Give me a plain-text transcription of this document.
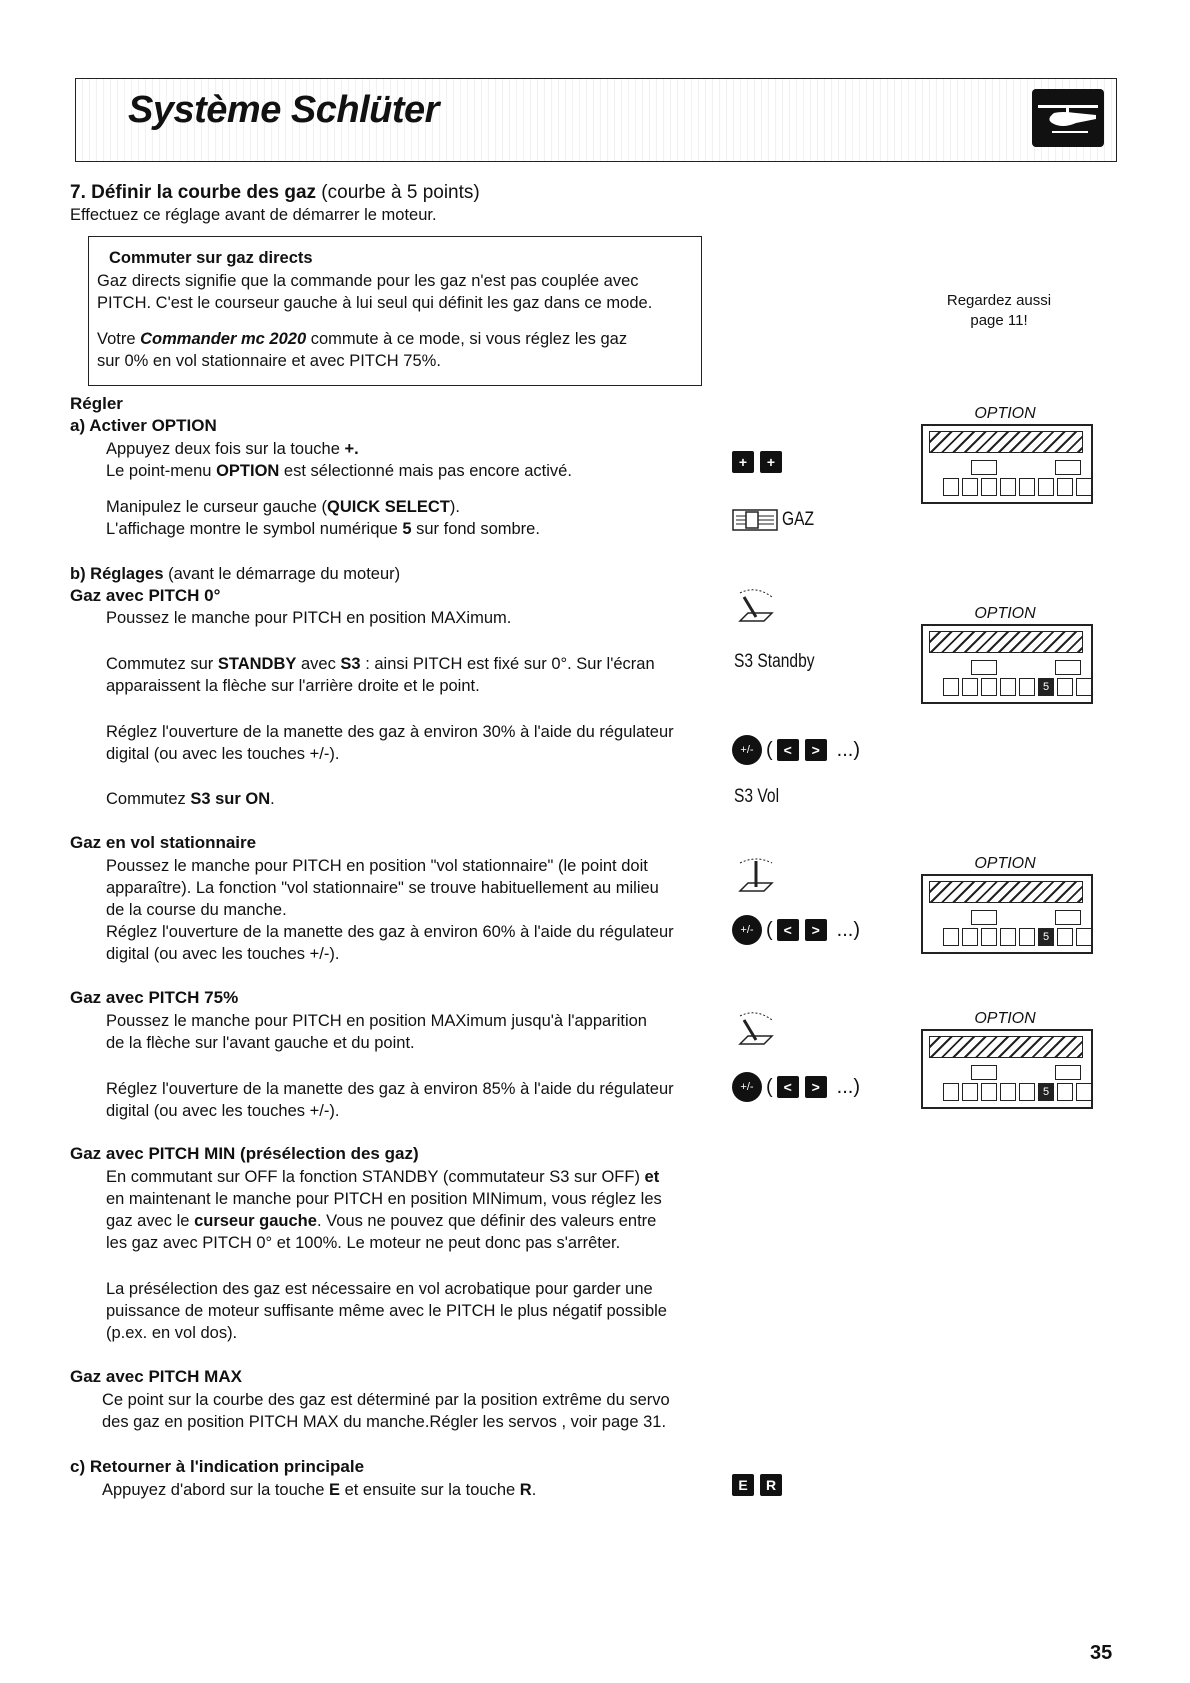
Système Schlüter
7. Définir la courbe des gaz (courbe à 5 points)
Effectuez ce réglage avant de démarrer le moteur.
Commuter sur gaz directs
Gaz directs signifie que la commande pour les gaz n'est pas couplée avec
PITCH. C'est le courseur gauche à lui seul qui définit les gaz dans ce mode.
Votre Commander mc 2020 commute à ce mode, si vous réglez les gaz
sur 0% en vol stationnaire et avec PITCH 75%.
Regardez aussi
page 11!
Régler
a) Activer OPTION
Appuyez deux fois sur la touche +.
Le point-menu OPTION est sélectionné mais pas encore activé.
Manipulez le curseur gauche (QUICK SELECT).
L'affichage montre le symbol numérique 5 sur fond sombre.
b) Réglages (avant le démarrage du moteur)
Gaz avec PITCH 0°
Poussez le manche pour PITCH en position MAXimum.
Commutez sur STANDBY avec S3 : ainsi PITCH est fixé sur 0°. Sur l'écran
apparaissent la flèche sur l'arrière droite et le point.
Réglez l'ouverture de la manette des gaz à environ 30% à l'aide du régulateur
digital (ou avec les touches +/-).
Commutez S3 sur ON.
Gaz en vol stationnaire
Poussez le manche pour PITCH en position "vol stationnaire" (le point doit
apparaître). La fonction "vol stationnaire" se trouve habituellement au milieu
de la course du manche.
Réglez l'ouverture de la manette des gaz à environ 60% à l'aide du régulateur
digital (ou avec les touches +/-).
Gaz avec PITCH 75%
Poussez le manche pour PITCH en position MAXimum jusqu'à l'apparition
de la flèche sur l'avant gauche et du point.
Réglez l'ouverture de la manette des gaz à environ 85% à l'aide du régulateur
digital (ou avec les touches +/-).
Gaz avec PITCH MIN (présélection des gaz)
En commutant sur OFF la fonction STANDBY (commutateur S3 sur OFF) et
en maintenant le manche pour PITCH en position MINimum, vous réglez les
gaz avec le curseur gauche. Vous ne pouvez que définir des valeurs entre
les gaz avec PITCH 0° et 100%. Le moteur ne peut donc pas s'arrêter.
La présélection des gaz est nécessaire en vol acrobatique pour garder une
puissance de moteur suffisante même avec le PITCH le plus négatif possible
(p.ex. en vol dos).
Gaz avec PITCH MAX
Ce point sur la courbe des gaz est déterminé par la position extrême du servo
des gaz en position PITCH MAX du manche.Régler les servos , voir page 31.
c) Retourner à l'indication principale
Appuyez d'abord sur la touche E et ensuite sur la touche R.
+ +
GAZ
S3 Standby
+/- ( <	> ...)
S3 Vol
+/- ( <	> ...)
+/- ( <	> ...)
E R
OPTION
OPTION
5
OPTION
5
OPTION
5
35
